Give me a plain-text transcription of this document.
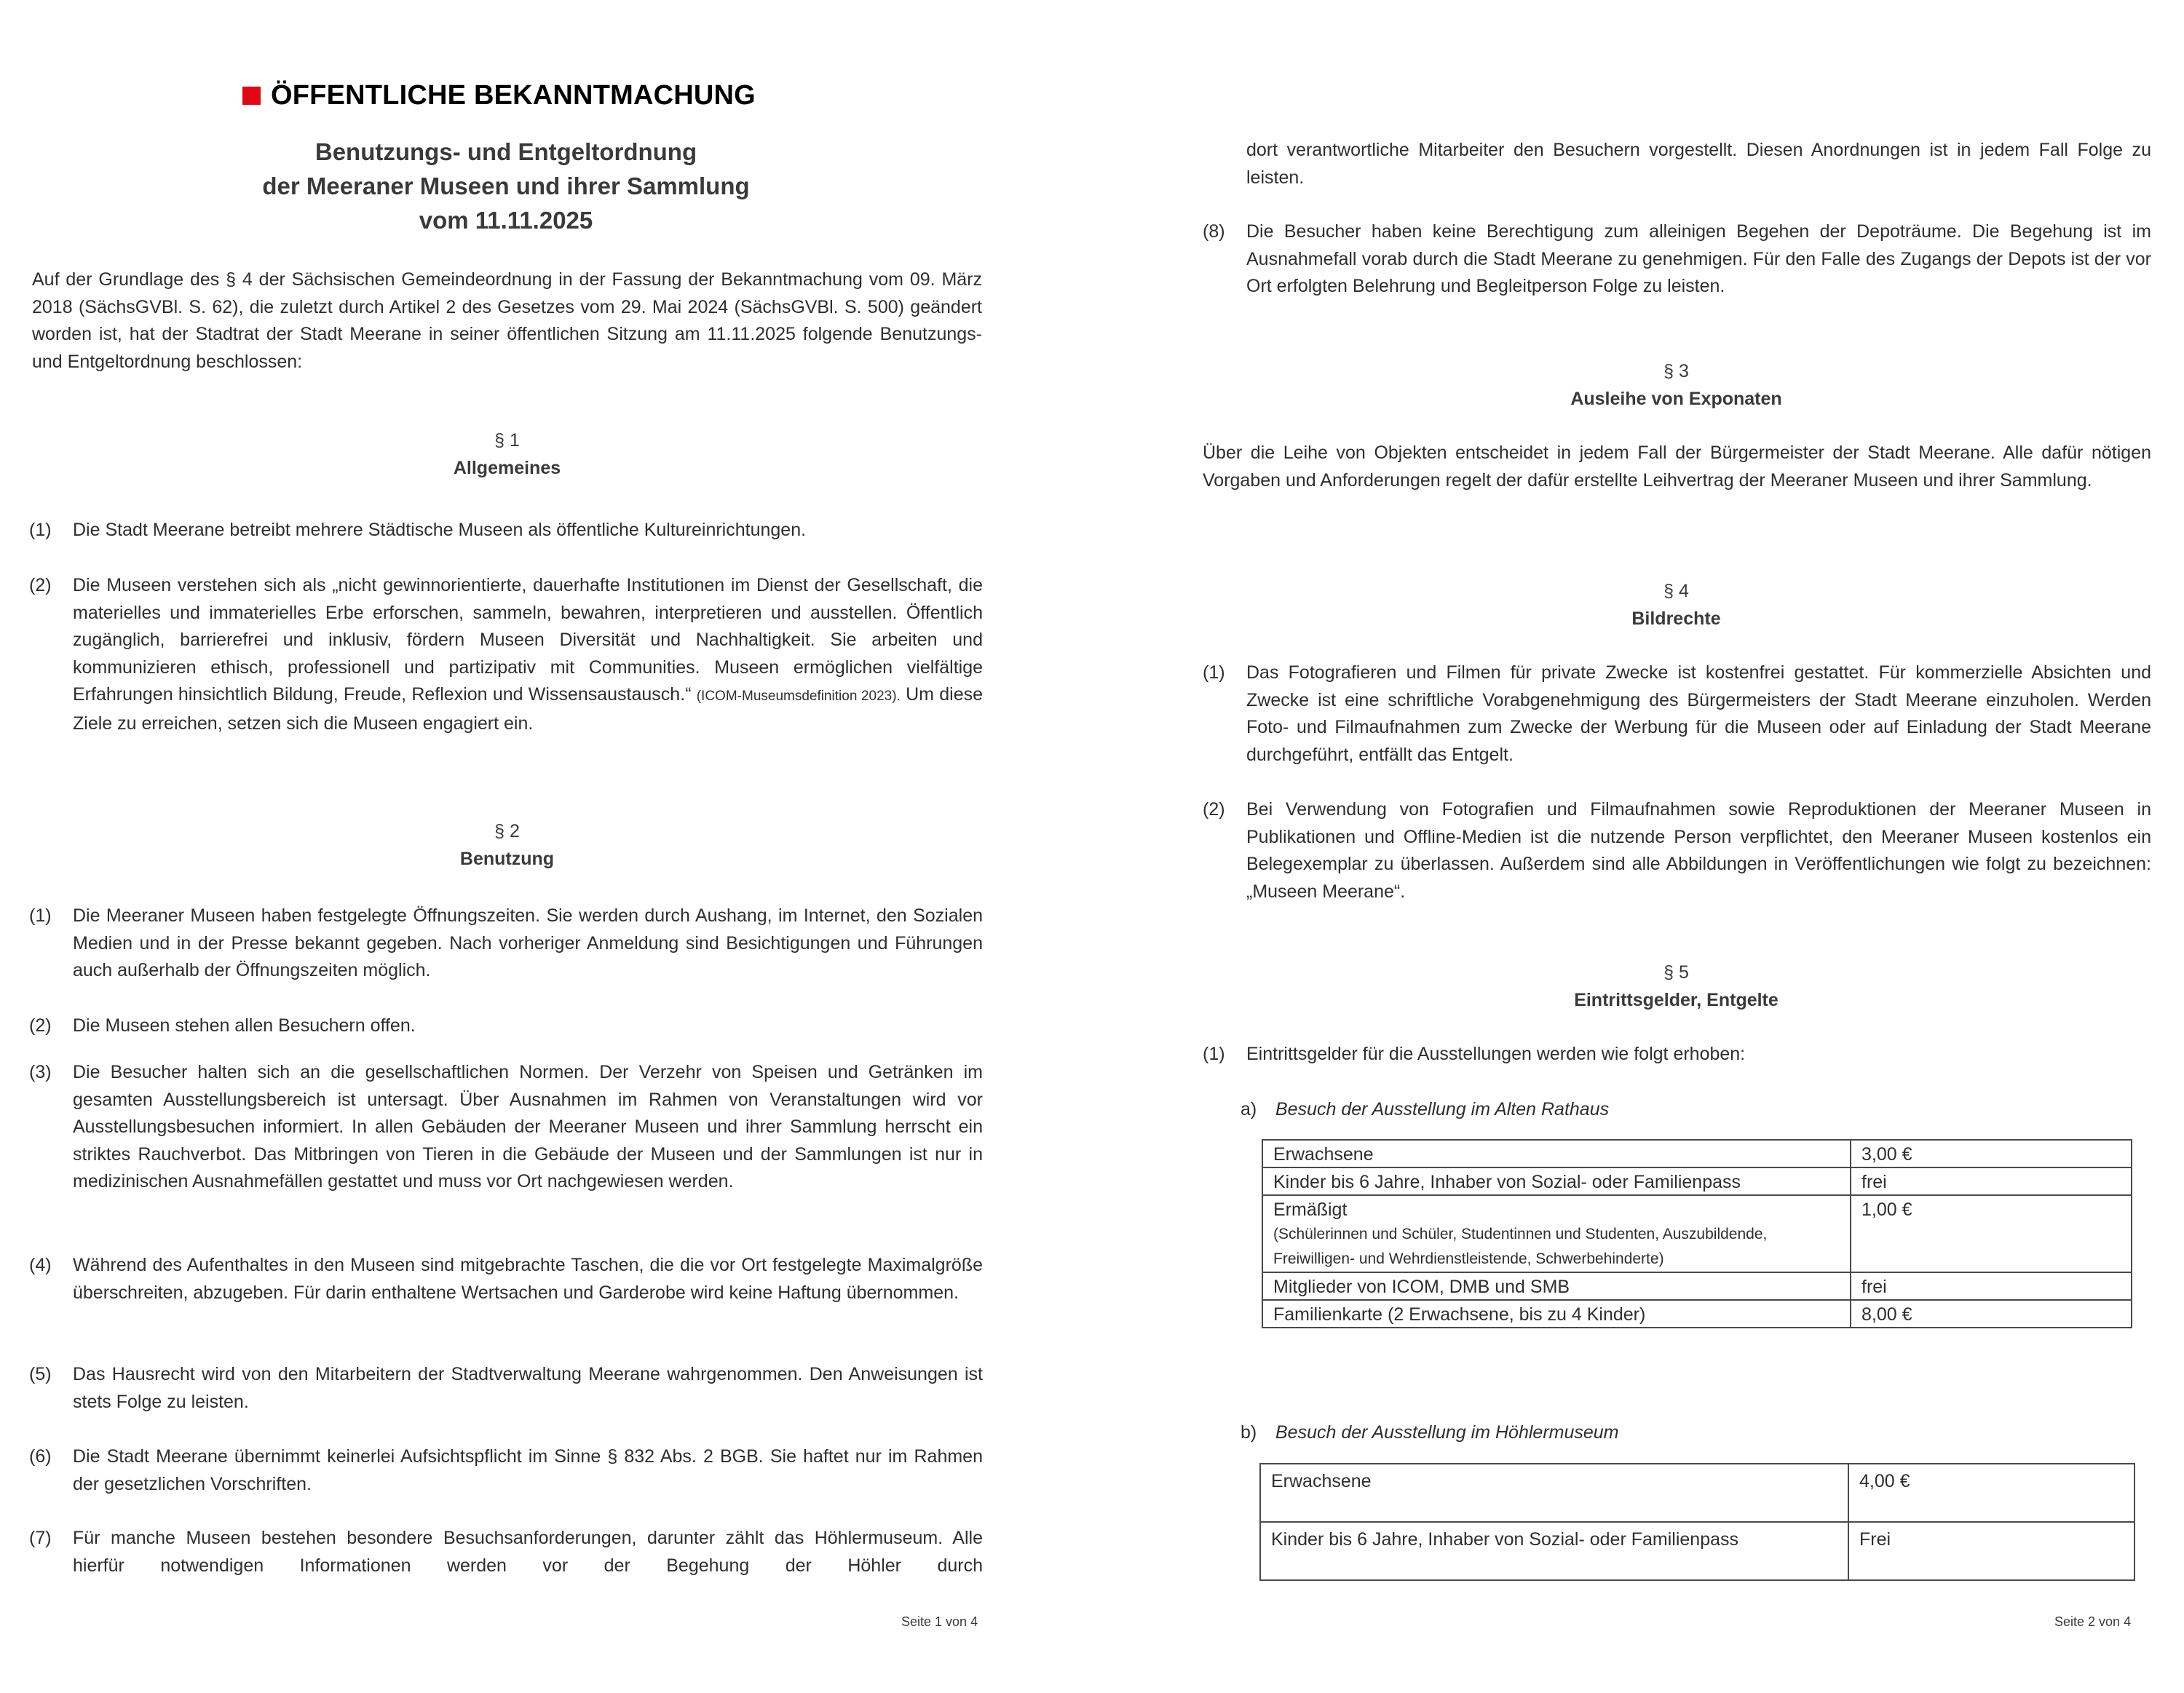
ÖFFENTLICHE BEKANNTMACHUNG
Benutzungs- und Entgeltordnung
der Meeraner Museen und ihrer Sammlung
vom 11.11.2025
Auf der Grundlage des § 4 der Sächsischen Gemeindeordnung in der Fassung der Bekanntmachung vom 09. März 2018 (SächsGVBl. S. 62), die zuletzt durch Artikel 2 des Gesetzes vom 29. Mai 2024 (SächsGVBl. S. 500) geändert worden ist, hat der Stadtrat der Stadt Meerane in seiner öffentlichen Sitzung am 11.11.2025 folgende Benutzungs- und Entgeltordnung beschlossen:
§ 1
Allgemeines
(1)	Die Stadt Meerane betreibt mehrere Städtische Museen als öffentliche Kultureinrichtungen.
(2)	Die Museen verstehen sich als „nicht gewinnorientierte, dauerhafte Institutionen im Dienst der Gesellschaft, die materielles und immaterielles Erbe erforschen, sammeln, bewahren, interpretieren und ausstellen. Öffentlich zugänglich, barrierefrei und inklusiv, fördern Museen Diversität und Nachhaltigkeit. Sie arbeiten und kommunizieren ethisch, professionell und partizipativ mit Communities. Museen ermöglichen vielfältige Erfahrungen hinsichtlich Bildung, Freude, Reflexion und Wissensaustausch.“ (ICOM-Museumsdefinition 2023). Um diese Ziele zu erreichen, setzen sich die Museen engagiert ein.
§ 2
Benutzung
(1)	Die Meeraner Museen haben festgelegte Öffnungszeiten. Sie werden durch Aushang, im Internet, den Sozialen Medien und in der Presse bekannt gegeben. Nach vorheriger Anmeldung sind Besichtigungen und Führungen auch außerhalb der Öffnungszeiten möglich.
(2)	Die Museen stehen allen Besuchern offen.
(3)	Die Besucher halten sich an die gesellschaftlichen Normen. Der Verzehr von Speisen und Getränken im gesamten Ausstellungsbereich ist untersagt. Über Ausnahmen im Rahmen von Veranstaltungen wird vor Ausstellungsbesuchen informiert. In allen Gebäuden der Meeraner Museen und ihrer Sammlung herrscht ein striktes Rauchverbot. Das Mitbringen von Tieren in die Gebäude der Museen und der Sammlungen ist nur in medizinischen Ausnahmefällen gestattet und muss vor Ort nachgewiesen werden.
(4)	Während des Aufenthaltes in den Museen sind mitgebrachte Taschen, die die vor Ort festgelegte Maximalgröße überschreiten, abzugeben. Für darin enthaltene Wertsachen und Garderobe wird keine Haftung übernommen.
(5)	Das Hausrecht wird von den Mitarbeitern der Stadtverwaltung Meerane wahrgenommen. Den Anweisungen ist stets Folge zu leisten.
(6)	Die Stadt Meerane übernimmt keinerlei Aufsichtspflicht im Sinne § 832 Abs. 2 BGB. Sie haftet nur im Rahmen der gesetzlichen Vorschriften.
(7)	Für manche Museen bestehen besondere Besuchsanforderungen, darunter zählt das Höhlermuseum. Alle hierfür notwendigen Informationen werden vor der Begehung der Höhler durch
Seite 1 von 4
dort verantwortliche Mitarbeiter den Besuchern vorgestellt. Diesen Anordnungen ist in jedem Fall Folge zu leisten.
(8)	Die Besucher haben keine Berechtigung zum alleinigen Begehen der Depoträume. Die Begehung ist im Ausnahmefall vorab durch die Stadt Meerane zu genehmigen. Für den Falle des Zugangs der Depots ist der vor Ort erfolgten Belehrung und Begleitperson Folge zu leisten.
§ 3
Ausleihe von Exponaten
Über die Leihe von Objekten entscheidet in jedem Fall der Bürgermeister der Stadt Meerane. Alle dafür nötigen Vorgaben und Anforderungen regelt der dafür erstellte Leihvertrag der Meeraner Museen und ihrer Sammlung.
§ 4
Bildrechte
(1)	Das Fotografieren und Filmen für private Zwecke ist kostenfrei gestattet. Für kommerzielle Absichten und Zwecke ist eine schriftliche Vorabgenehmigung des Bürgermeisters der Stadt Meerane einzuholen. Werden Foto- und Filmaufnahmen zum Zwecke der Werbung für die Museen oder auf Einladung der Stadt Meerane durchgeführt, entfällt das Entgelt.
(2)	Bei Verwendung von Fotografien und Filmaufnahmen sowie Reproduktionen der Meeraner Museen in Publikationen und Offline-Medien ist die nutzende Person verpflichtet, den Meeraner Museen kostenlos ein Belegexemplar zu überlassen. Außerdem sind alle Abbildungen in Veröffentlichungen wie folgt zu bezeichnen: „Museen Meerane“.
§ 5
Eintrittsgelder, Entgelte
(1)	Eintrittsgelder für die Ausstellungen werden wie folgt erhoben:
a)	Besuch der Ausstellung im Alten Rathaus
Erwachsene	3,00 €
Kinder bis 6 Jahre, Inhaber von Sozial- oder Familienpass	frei
Ermäßigt
(Schülerinnen und Schüler, Studentinnen und Studenten, Auszubildende, Freiwilligen- und Wehrdienstleistende, Schwerbehinderte)	1,00 €
Mitglieder von ICOM, DMB und SMB	frei
Familienkarte (2 Erwachsene, bis zu 4 Kinder)	8,00 €
b)	Besuch der Ausstellung im Höhlermuseum
Erwachsene	4,00 €
Kinder bis 6 Jahre, Inhaber von Sozial- oder Familienpass	Frei
Seite 2 von 4
